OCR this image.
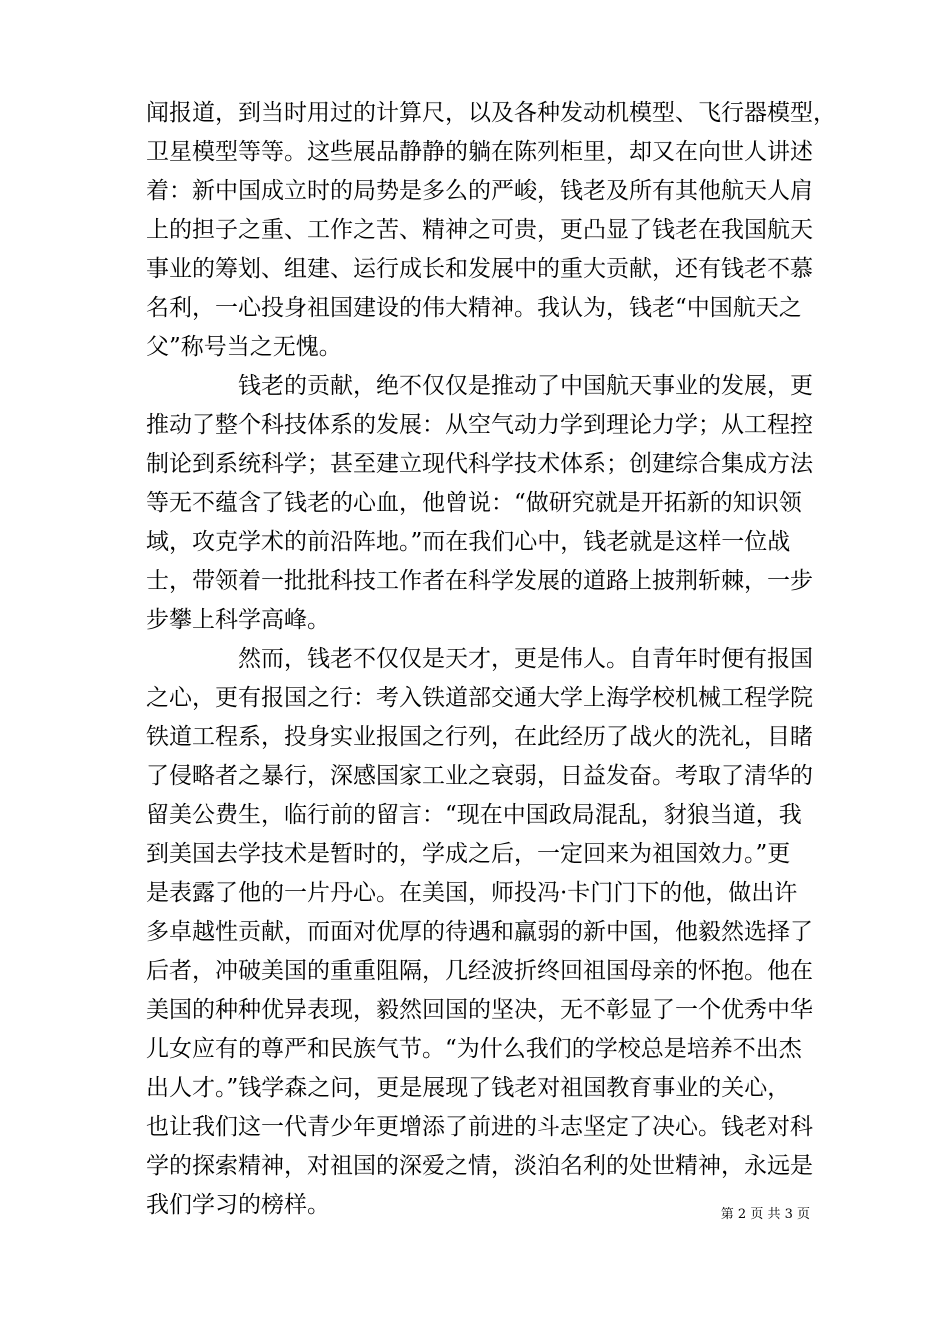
闻报道，到当时用过的计算尺，以及各种发动机模型、飞行器模型，
卫星模型等等。这些展品静静的躺在陈列柜里，却又在向世人讲述
着：新中国成立时的局势是多么的严峻，钱老及所有其他航天人肩
上的担子之重、工作之苦、精神之可贵，更凸显了钱老在我国航天
事业的筹划、组建、运行成长和发展中的重大贡献，还有钱老不慕
名利，一心投身祖国建设的伟大精神。我认为，钱老“中国航天之
父”称号当之无愧。
钱老的贡献，绝不仅仅是推动了中国航天事业的发展，更
推动了整个科技体系的发展：从空气动力学到理论力学；从工程控
制论到系统科学；甚至建立现代科学技术体系；创建综合集成方法
等无不蕴含了钱老的心血，他曾说：“做研究就是开拓新的知识领
域，攻克学术的前沿阵地。”而在我们心中，钱老就是这样一位战
士，带领着一批批科技工作者在科学发展的道路上披荆斩棘，一步
步攀上科学高峰。
然而，钱老不仅仅是天才，更是伟人。自青年时便有报国
之心，更有报国之行：考入铁道部交通大学上海学校机械工程学院
铁道工程系，投身实业报国之行列，在此经历了战火的洗礼，目睹
了侵略者之暴行，深感国家工业之衰弱，日益发奋。考取了清华的
留美公费生，临行前的留言：“现在中国政局混乱，豺狼当道，我
到美国去学技术是暂时的，学成之后，一定回来为祖国效力。”更
是表露了他的一片丹心。在美国，师投冯·卡门门下的他，做出许
多卓越性贡献，而面对优厚的待遇和羸弱的新中国，他毅然选择了
后者，冲破美国的重重阻隔，几经波折终回祖国母亲的怀抱。他在
美国的种种优异表现，毅然回国的坚决，无不彰显了一个优秀中华
儿女应有的尊严和民族气节。“为什么我们的学校总是培养不出杰
出人才。”钱学森之问，更是展现了钱老对祖国教育事业的关心，
也让我们这一代青少年更增添了前进的斗志坚定了决心。钱老对科
学的探索精神，对祖国的深爱之情，淡泊名利的处世精神，永远是
我们学习的榜样。	第 2 页 共 3 页
